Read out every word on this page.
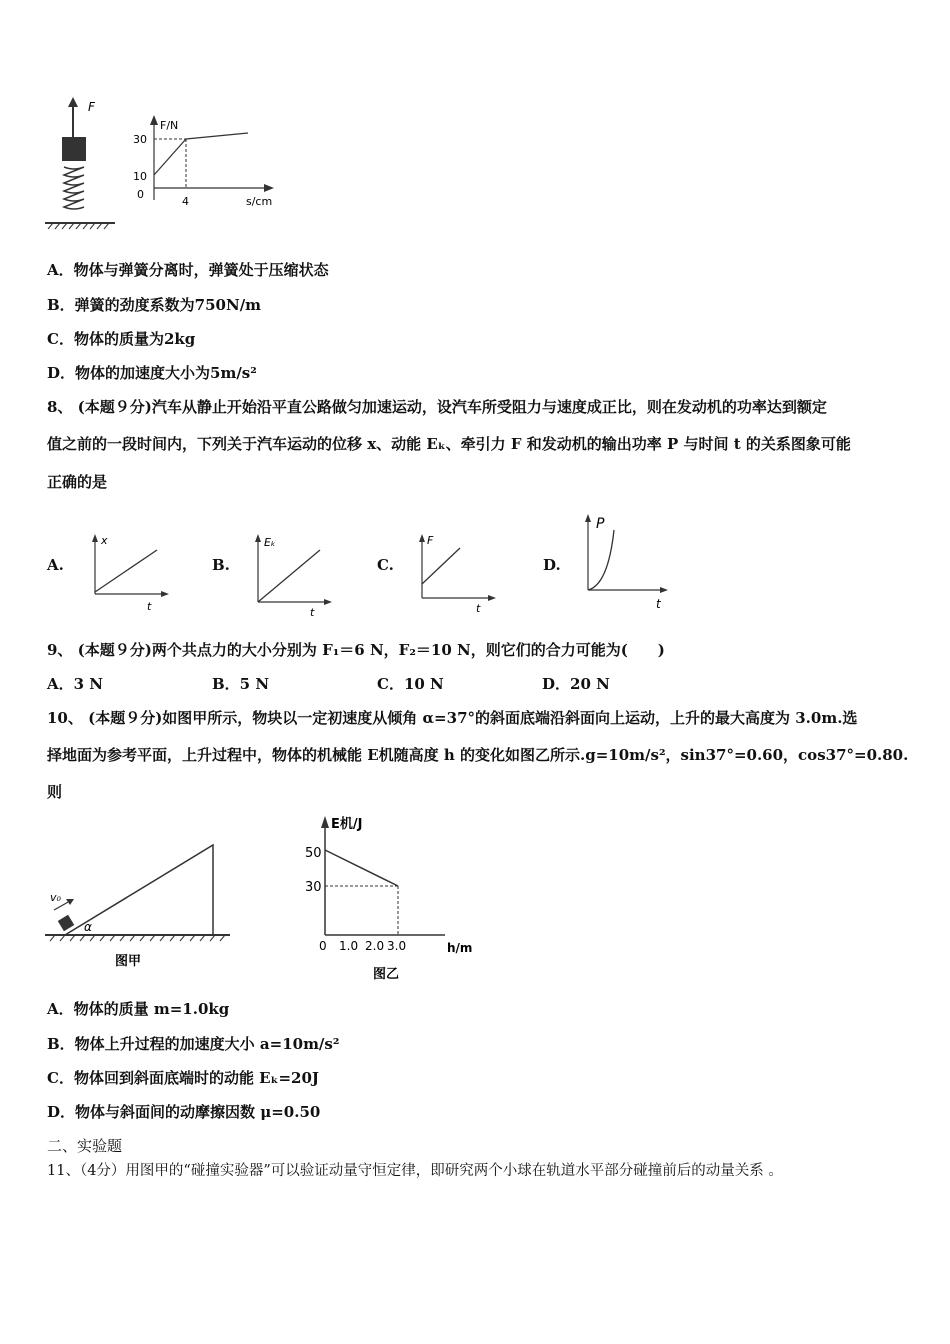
F
F/N
s/cm
30
10
0
4
A．物体与弹簧分离时，弹簧处于压缩状态
B．弹簧的劲度系数为750N/m
C．物体的质量为2kg
D．物体的加速度大小为5m/s²
8、 (本题９分)汽车从静止开始沿平直公路做匀加速运动，设汽车所受阻力与速度成正比，则在发动机的功率达到额定
值之前的一段时间内，下列关于汽车运动的位移 x、动能 Eₖ、牵引力 F 和发动机的输出功率 P 与时间 t 的关系图象可能
正确的是
A.
x
t
B.
Eₖ
t
C.
F
t
D.
P
t
9、 (本题９分)两个共点力的大小分别为 F₁＝6 N，F₂＝10 N，则它们的合力可能为(　　)
A．3 N	B．5 N	C．10 N	D．20 N
10、 (本题９分)如图甲所示，物块以一定初速度从倾角 α=37°的斜面底端沿斜面向上运动，上升的最大高度为 3.0m.选
择地面为参考平面，上升过程中，物体的机械能 E机随高度 h 的变化如图乙所示.g=10m/s²，sin37°=0.60，cos37°=0.80.
则
v₀
α
图甲
E机/J
h/m
50
30
0 1.0 2.0 3.0
图乙
A．物体的质量 m=1.0kg
B．物体上升过程的加速度大小 a=10m/s²
C．物体回到斜面底端时的动能 Eₖ=20J
D．物体与斜面间的动摩擦因数 μ=0.50
二、实验题
11、（4分）用图甲的“碰撞实验器”可以验证动量守恒定律，即研究两个小球在轨道水平部分碰撞前后的动量关系 。
